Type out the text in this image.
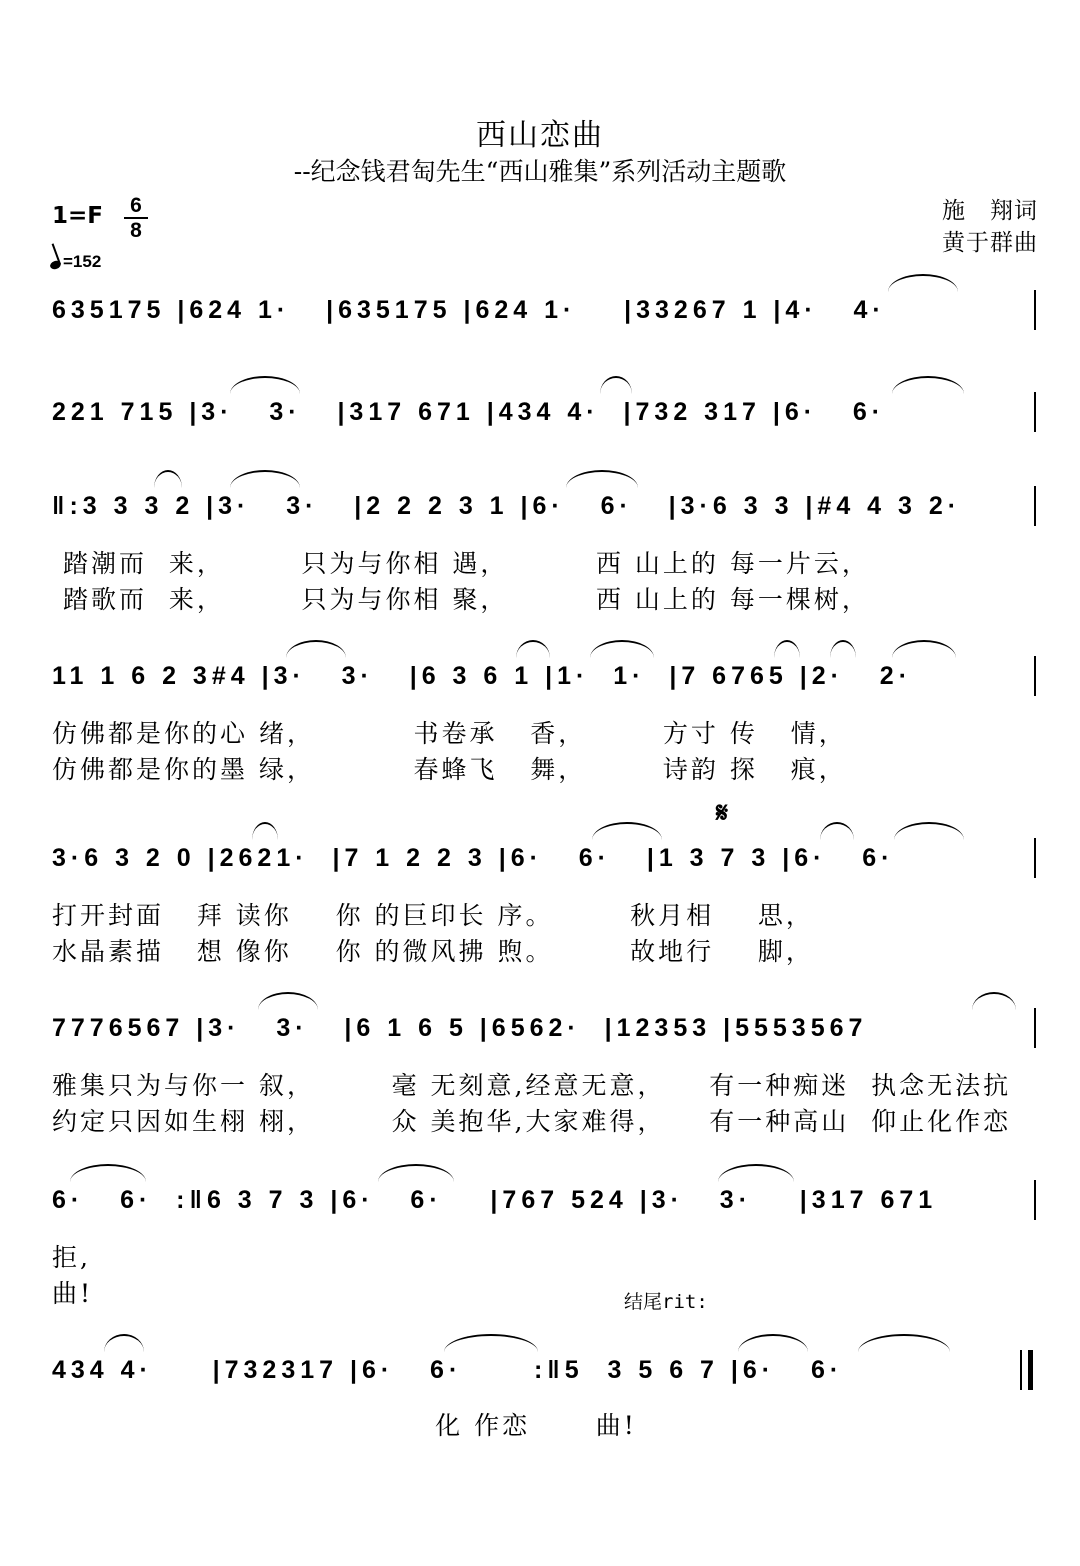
西山恋曲
--纪念钱君匋先生“西山雅集”系列活动主题歌
施　翔词
黄于群曲
1=F 6
8
=152
635175 |624 1·   |635175 |624 1·    |33267 1 |4·   4·
221 715 |3·   3·   |317 671 |434 4·  |732 317 |6·   6·
‖:3 3 3 2 |3·   3·   |2 2 2 3 1 |6·   6·   |3·6 3 3 |#4 4 3 2·
踏潮而  来，       只为与你相 遇，        西 山上的 每一片云，
踏歌而  来，       只为与你相 聚，        西 山上的 每一棵树，
11 1 6 2 3#4 |3·   3·   |6 3 6 1 |1·  1·  |7 6765 |2·   2·
仿佛都是你的心 绪，         书卷承   香，       方寸 传   情，
仿佛都是你的墨 绿，         春蜂飞   舞，       诗韵 探   痕，
𝄋
3·6 3 2 0 |2621·  |7 1 2 2 3 |6·   6·   |1 3 7 3 |6·   6·
打开封面   拜 读你    你 的巨印长 序。       秋月相    思，
水晶素描   想 像你    你 的微风拂 煦。       故地行    脚，
7776567 |3·   3·   |6 1 6 5 |6562·  |12353 |5553567
雅集只为与你一 叙，       毫 无刻意,经意无意，    有一种痴迷  执念无法抗
约定只因如生栩 栩，       众 美抱华,大家难得，    有一种高山  仰止化作恋
6·   6·  :‖6 3 7 3 |6·   6·    |767 524 |3·   3·    |317 671
拒,
曲!	结尾rit:
434 4·     |732317 |6·   6·      :‖5  3 5 6 7 |6·   6·
化 作恋      曲!
